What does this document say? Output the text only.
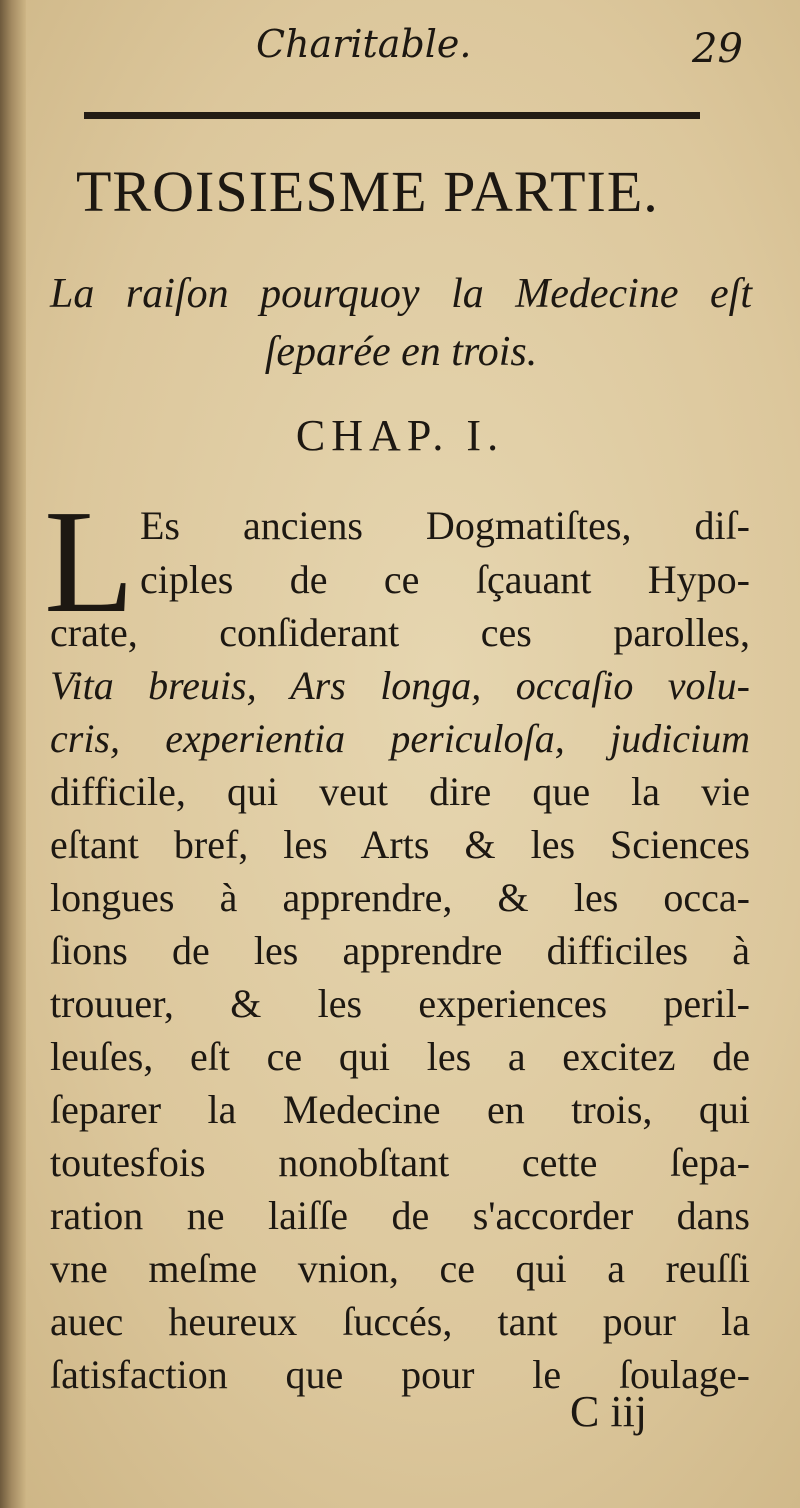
Charitable.	29
TROISIESME PARTIE.
La raiſon pourquoy la Medecine eſt
ſeparée en trois.
CHAP. I.
L Es anciens Dogmatiſtes, diſ-
ciples de ce ſçauant Hypo-
crate, conſiderant ces parolles,
Vita breuis, Ars longa, occaſio volu-
cris, experientia periculoſa, judicium
difficile, qui veut dire que la vie
eſtant bref, les Arts & les Sciences
longues à apprendre, & les occa-
ſions de les apprendre difficiles à
trouuer, & les experiences peril-
leuſes, eſt ce qui les a excitez de
ſeparer la Medecine en trois, qui
toutesfois nonobſtant cette ſepa-
ration ne laiſſe de s'accorder dans
vne meſme vnion, ce qui a reuſſi
auec heureux ſuccés, tant pour la
ſatisfaction que pour le ſoulage-
C iij
